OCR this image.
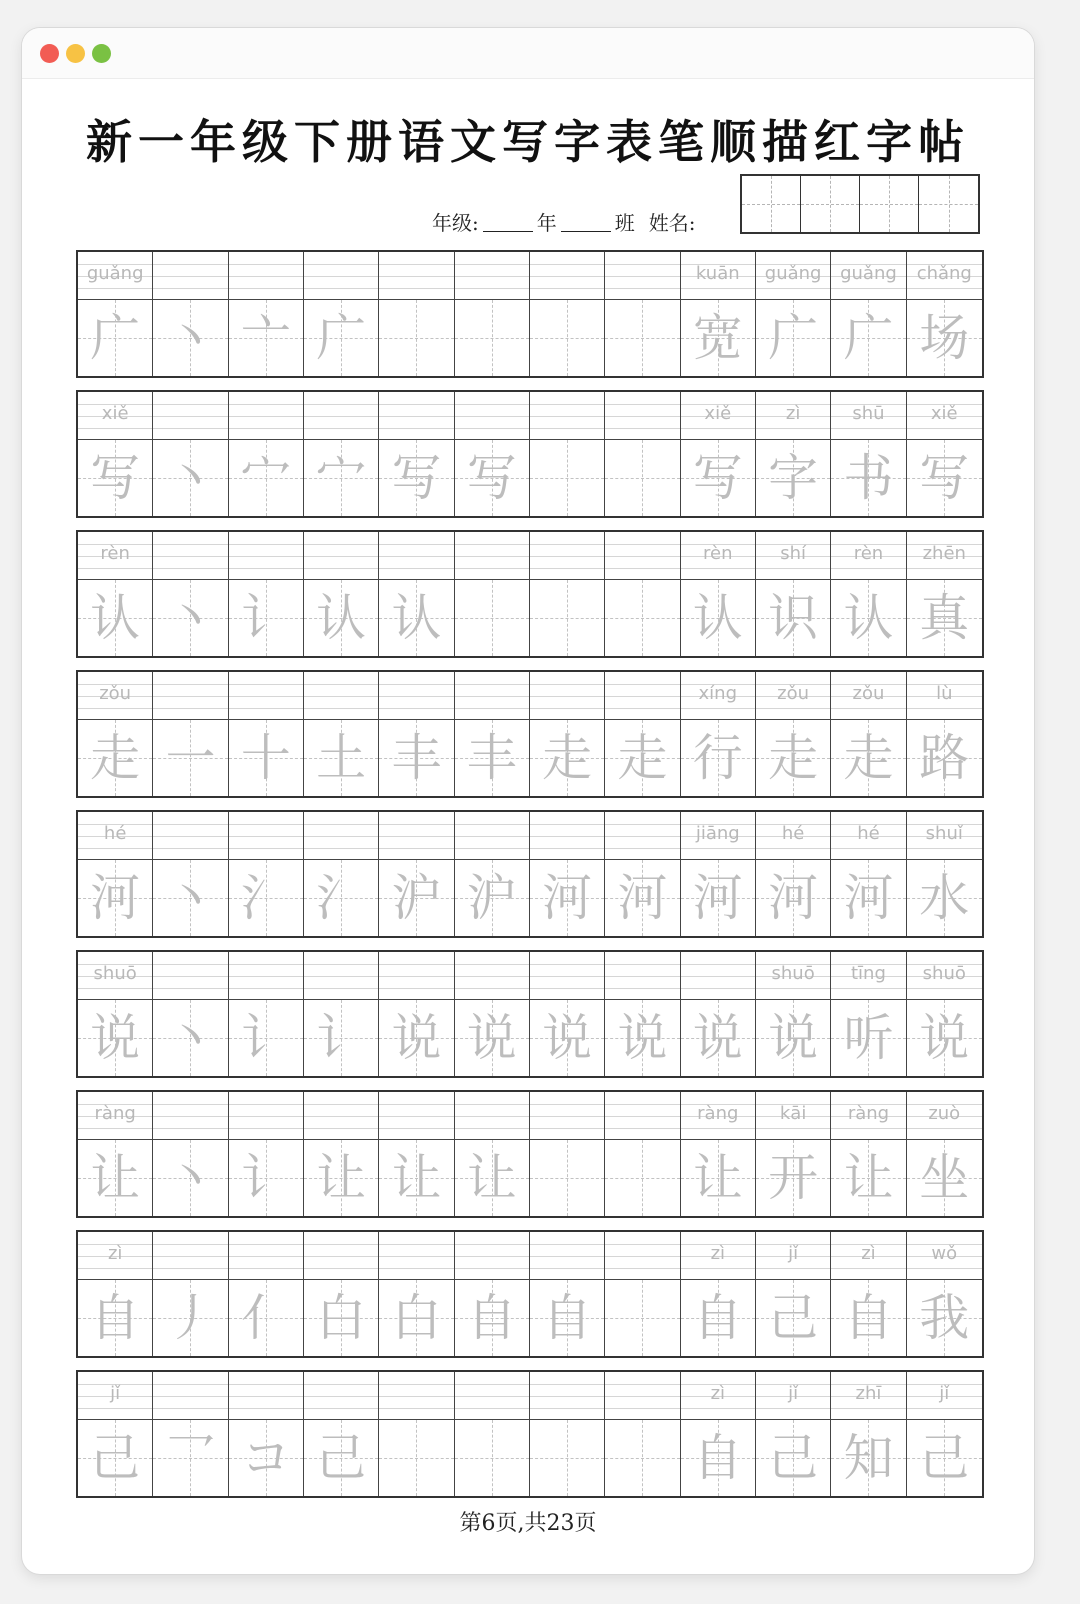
新一年级下册语文写字表笔顺描红字帖
年级:	年	班 姓名:
guǎng
广 丶 亠 广
kuān
宽
guǎng
广
guǎng
广
chǎng
场
xiě
写 丶 宀 宀 写 写
xiě
写
zì
字
shū
书
xiě
写
rèn
认 丶 讠 认 认
rèn
认
shí
识
rèn
认
zhēn
真
zǒu
走 一 十 土 丰 丰 走 走
xíng
行
zǒu
走
zǒu
走
lù
路
hé
河 丶 氵 氵 沪 沪 河 河
jiāng
河
hé
河
hé
河
shuǐ
水
shuō
说 丶 讠 讠 说 说 说 说 说
shuō
说
tīng
听
shuō
说
ràng
让 丶 讠 让 让 让
ràng
让
kāi
开
ràng
让
zuò
坐
zì
自 丿 亻 白 白 自 自
zì
自
jǐ
己
zì
自
wǒ
我
jǐ
己 乛 コ 己
zì
自
jǐ
己
zhī
知
jǐ
己
第6页,共23页
